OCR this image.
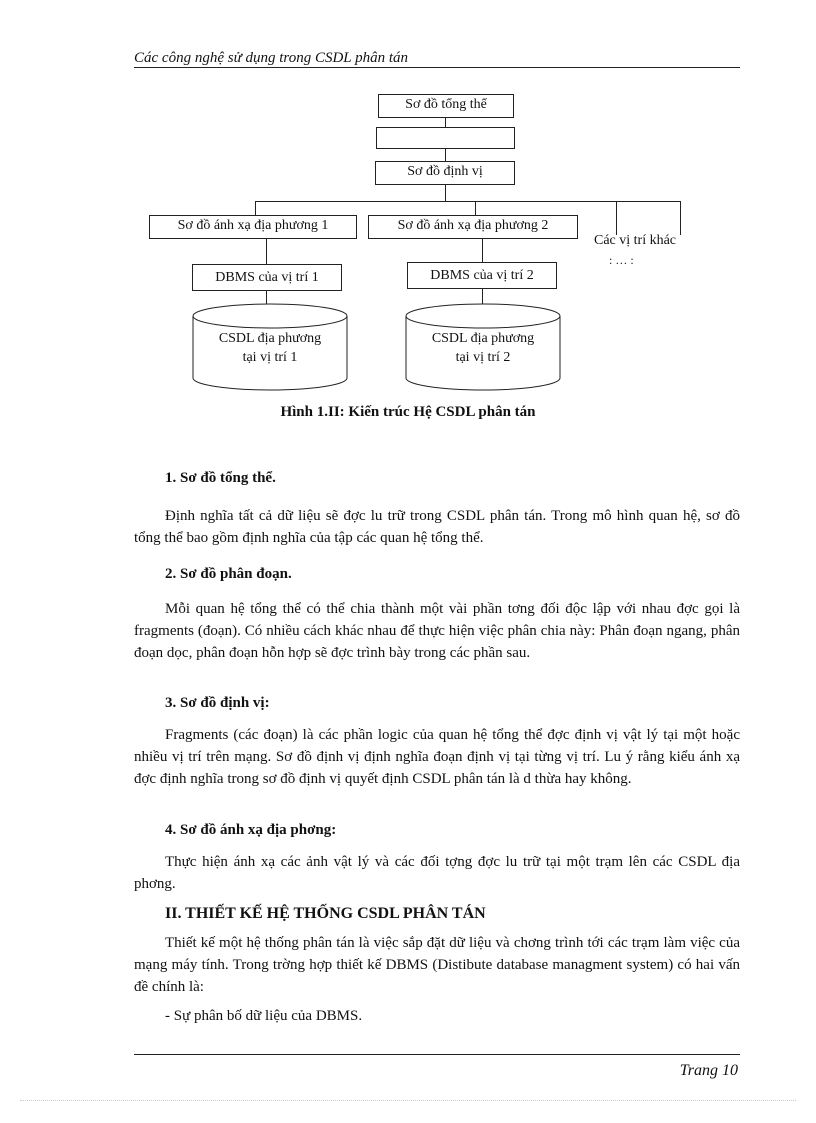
Các công nghệ sử dụng trong CSDL phân tán
Sơ đồ tổng thể
Sơ đồ định vị
Sơ đồ ánh xạ địa phương 1	Sơ đồ ánh xạ địa phương 2
Các vị trí khác
: … :
DBMS của vị trí 1	DBMS của vị trí 2
CSDL địa phương
tại vị trí 1
CSDL địa phương
tại vị trí 2
Hình 1.II: Kiến trúc Hệ CSDL phân tán
1. Sơ đồ tổng thể.

Định nghĩa tất cả dữ liệu sẽ đợc lu trữ trong CSDL phân tán. Trong mô hình quan hệ, sơ đồ tổng thể bao gồm định nghĩa của tập các quan hệ tổng thể.

2. Sơ đồ phân đoạn.

Mỗi quan hệ tổng thể có thể chia thành một vài phần tơng đối độc lập với nhau đợc gọi là fragments (đoạn). Có nhiều cách khác nhau để thực hiện việc phân chia này: Phân đoạn ngang, phân đoạn dọc, phân đoạn hỗn hợp sẽ đợc trình bày trong các phần sau.

3. Sơ đồ định vị:

Fragments (các đoạn) là các phần logic của quan hệ tổng thể đợc định vị vật lý tại một hoặc nhiều vị trí trên mạng. Sơ đồ định vị định nghĩa đoạn định vị tại từng vị trí. Lu ý rằng kiểu ánh xạ đợc định nghĩa trong sơ đồ định vị quyết định CSDL phân tán là d thừa hay không.

4. Sơ đồ ánh xạ địa phơng:

Thực hiện ánh xạ các ảnh vật lý và các đối tợng đợc lu trữ tại một trạm lên các CSDL địa phơng.

II. THIẾT KẾ HỆ THỐNG CSDL PHÂN TÁN

Thiết kế một hệ thống phân tán là việc sắp đặt dữ liệu và chơng trình tới các trạm làm việc của mạng máy tính. Trong trờng hợp thiết kế DBMS (Distibute database managment system) có hai vấn đề chính là:

- Sự phân bố dữ liệu của DBMS.
Trang 10
